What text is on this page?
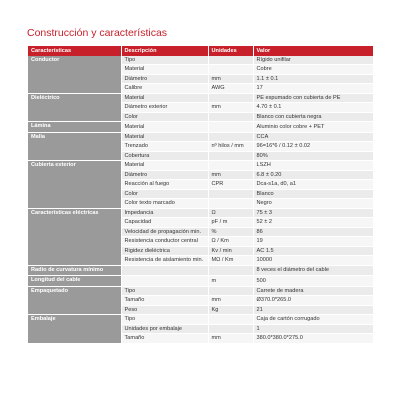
Construcción y características
Características	Descripción	Unidades	Valor
Conductor	Tipo		Rígido unifilar
	Material		Cobre
	Diámetro	mm	1.1 ± 0.1
	Calibre	AWG	17
Dieléctrico	Material		PE espumado con cubierta de PE
	Diámetro exterior	mm	4.70 ± 0.1
	Color		Blanco con cubierta negra
Lámina	Material		Aluminio color cobre + PET
Malla	Material		CCA
	Trenzado	nº hilos / mm	96=16*6 / 0.12 ± 0.02
	Cobertura		80%
Cubierta exterior	Material		LSZH
	Diámetro	mm	6.8 ± 0.20
	Reacción al fuego	CPR	Dca-s1a, d0, a1
	Color		Blanco
	Color texto marcado		Negro
Características eléctricas	Impedancia	Ω	75 ± 3
	Capacidad	pF / m	52 ± 2
	Velocidad de propagación min.	%	86
	Resistencia conductor central	Ω / Km	19
	Rigidez dieléctrica	Kv / min	AC 1.5
	Resistencia de aislamiento min.	MΩ / Km	10000
Radio de curvatura mínimo			8 veces el diámetro del cable
Longitud del cable		m	500
Empaquetado	Tipo		Carrete de madera
	Tamaño	mm	Ø370.0*265.0
	Peso	Kg	21
Embalaje	Tipo		Caja de cartón corrugado
	Unidades por embalaje		1
	Tamaño	mm	380.0*380.0*275.0
